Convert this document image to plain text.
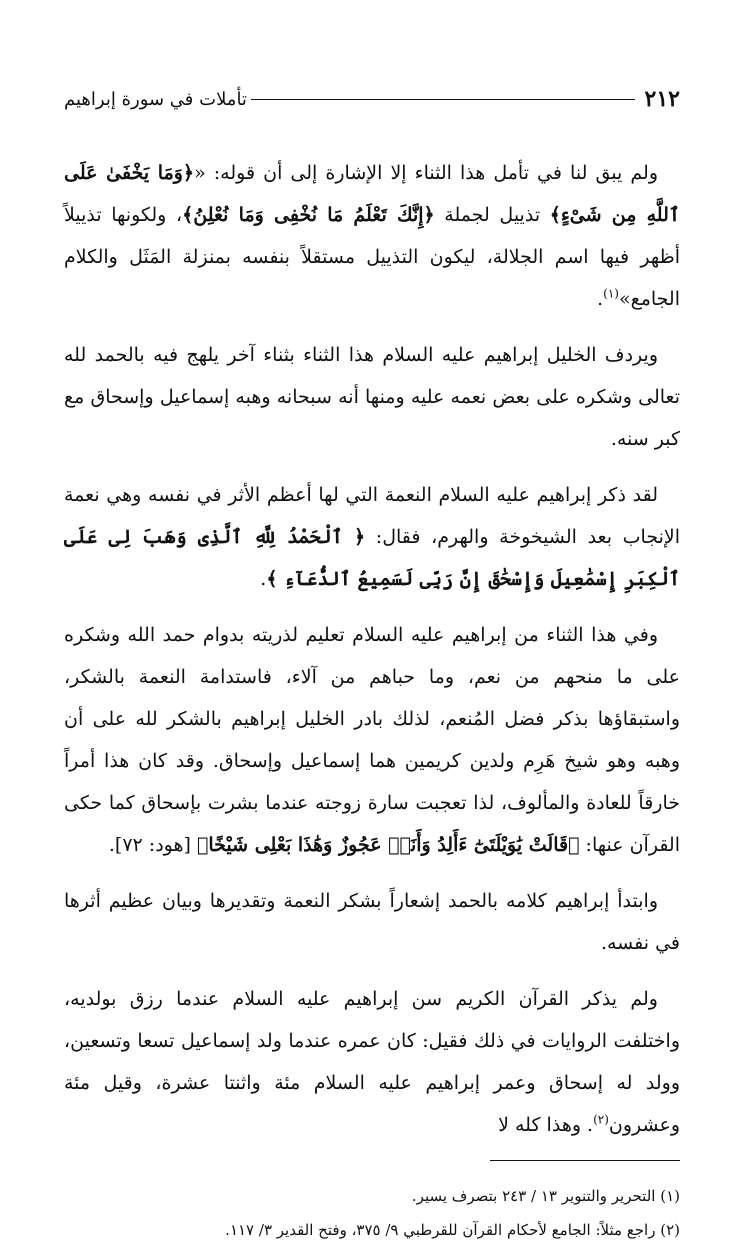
٢١٢
تأملات في سورة إبراهيم

ولم يبق لنا في تأمل هذا الثناء إلا الإشارة إلى أن قوله: «﴿وَمَا يَخْفَىٰ عَلَى ٱللَّهِ مِن شَىْءٍ﴾ تذييل لجملة ﴿إِنَّكَ تَعْلَمُ مَا نُخْفِى وَمَا نُعْلِنُ﴾، ولكونها تذييلاً أظهر فيها اسم الجلالة، ليكون التذييل مستقلاً بنفسه بمنزلة المَثَل والكلام الجامع»$^{(١)}$.

ويردف الخليل إبراهيم عليه السلام هذا الثناء بثناء آخر يلهج فيه بالحمد لله تعالى وشكره على بعض نعمه عليه ومنها أنه سبحانه وهبه إسماعيل وإسحاق مع كبر سنه.

لقد ذكر إبراهيم عليه السلام النعمة التي لها أعظم الأثر في نفسه وهي نعمة الإنجاب بعد الشيخوخة والهرم، فقال: ﴿ ٱلْحَمْدُ لِلَّهِ ٱلَّذِى وَهَبَ لِى عَلَى ٱلْكِبَرِ إِسْمَٰعِيلَ وَإِسْحَٰقَ إِنَّ رَبِّى لَسَمِيعُ ٱلدُّعَآءِ ﴾.

وفي هذا الثناء من إبراهيم عليه السلام تعليم لذريته بدوام حمد الله وشكره على ما منحهم من نعم، وما حباهم من آلاء، فاستدامة النعمة بالشكر، واستبقاؤها بذكر فضل المُنعم، لذلك بادر الخليل إبراهيم بالشكر لله على أن وهبه وهو شيخ هَرِم ولدين كريمين هما إسماعيل وإسحاق. وقد كان هذا أمراً خارقاً للعادة والمألوف، لذا تعجبت سارة زوجته عندما بشرت بإسحاق كما حكى القرآن عنها: ﴿قَالَتْ يَٰوَيْلَتَىٰٓ ءَأَلِدُ وَأَنَا۠ عَجُوزٌ وَهَٰذَا بَعْلِى شَيْخًا﴾ [هود: ٧٢].

وابتدأ إبراهيم كلامه بالحمد إشعاراً بشكر النعمة وتقديرها وبيان عظيم أثرها في نفسه.

ولم يذكر القرآن الكريم سن إبراهيم عليه السلام عندما رزق بولديه، واختلفت الروايات في ذلك فقيل: كان عمره عندما ولد إسماعيل تسعا وتسعين، وولد له إسحاق وعمر إبراهيم عليه السلام مئة واثنتا عشرة، وقيل مئة وعشرون$^{(٢)}$. وهذا كله لا

(١) التحرير والتنوير ١٣ / ٢٤٣ بتصرف يسير.

(٢) راجع مثلاً: الجامع لأحكام القرآن للقرطبي ٩/ ٣٧٥، وفتح القدير ٣/ ١١٧.
